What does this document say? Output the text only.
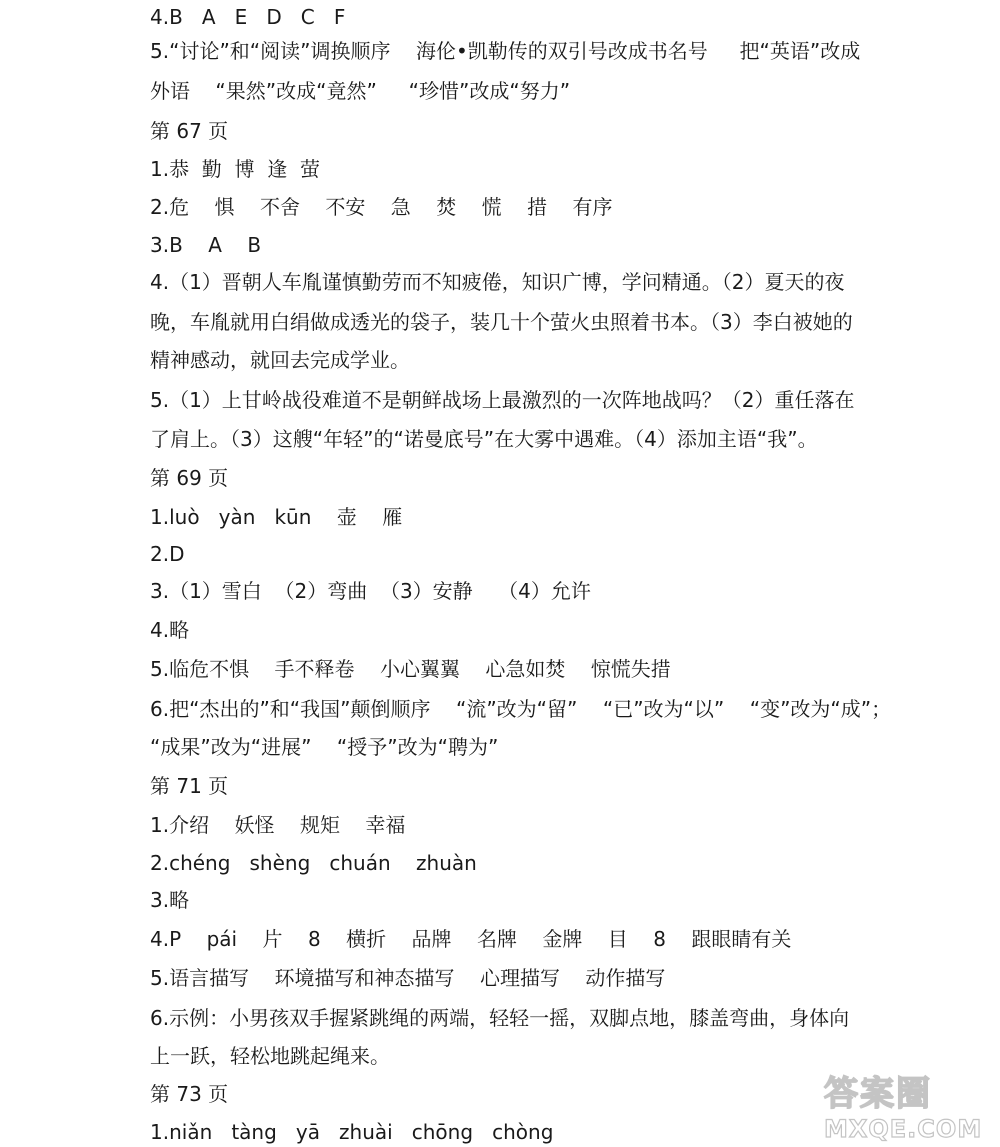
4.B   A   E   D   C   F
5.“讨论”和“阅读”调换顺序    海伦•凯勒传的双引号改成书名号     把“英语”改成
外语    “果然”改成“竟然”     “珍惜”改成“努力”
第 67 页
1.恭  勤  博  逢  萤
2.危    惧    不舍    不安    急    焚    慌    措    有序
3.B    A    B
4.（1）晋朝人车胤谨慎勤劳而不知疲倦，知识广博，学问精通。（2）夏天的夜
晚，车胤就用白绢做成透光的袋子，装几十个萤火虫照着书本。（3）李白被她的
精神感动，就回去完成学业。
5.（1）上甘岭战役难道不是朝鲜战场上最激烈的一次阵地战吗？（2）重任落在
了肩上。（3）这艘“年轻”的“诺曼底号”在大雾中遇难。（4）添加主语“我”。
第 69 页
1.luò   yàn   kūn    壶    雁
2.D
3.（1）雪白  （2）弯曲  （3）安静    （4）允许
4.略
5.临危不惧    手不释卷    小心翼翼    心急如焚    惊慌失措
6.把“杰出的”和“我国”颠倒顺序    “流”改为“留”    “已”改为“以”    “变”改为“成”；
“成果”改为“进展”    “授予”改为“聘为”
第 71 页
1.介绍    妖怪    规矩    幸福
2.chéng   shèng   chuán    zhuàn
3.略
4.P    pái    片    8    横折    品牌    名牌    金牌    目    8    跟眼睛有关
5.语言描写    环境描写和神态描写    心理描写    动作描写
6.示例：小男孩双手握紧跳绳的两端，轻轻一摇，双脚点地，膝盖弯曲，身体向
上一跃，轻松地跳起绳来。
第 73 页
1.niǎn   tàng   yā   zhuài   chōng   chòng
答案圈
MXQE.COM
